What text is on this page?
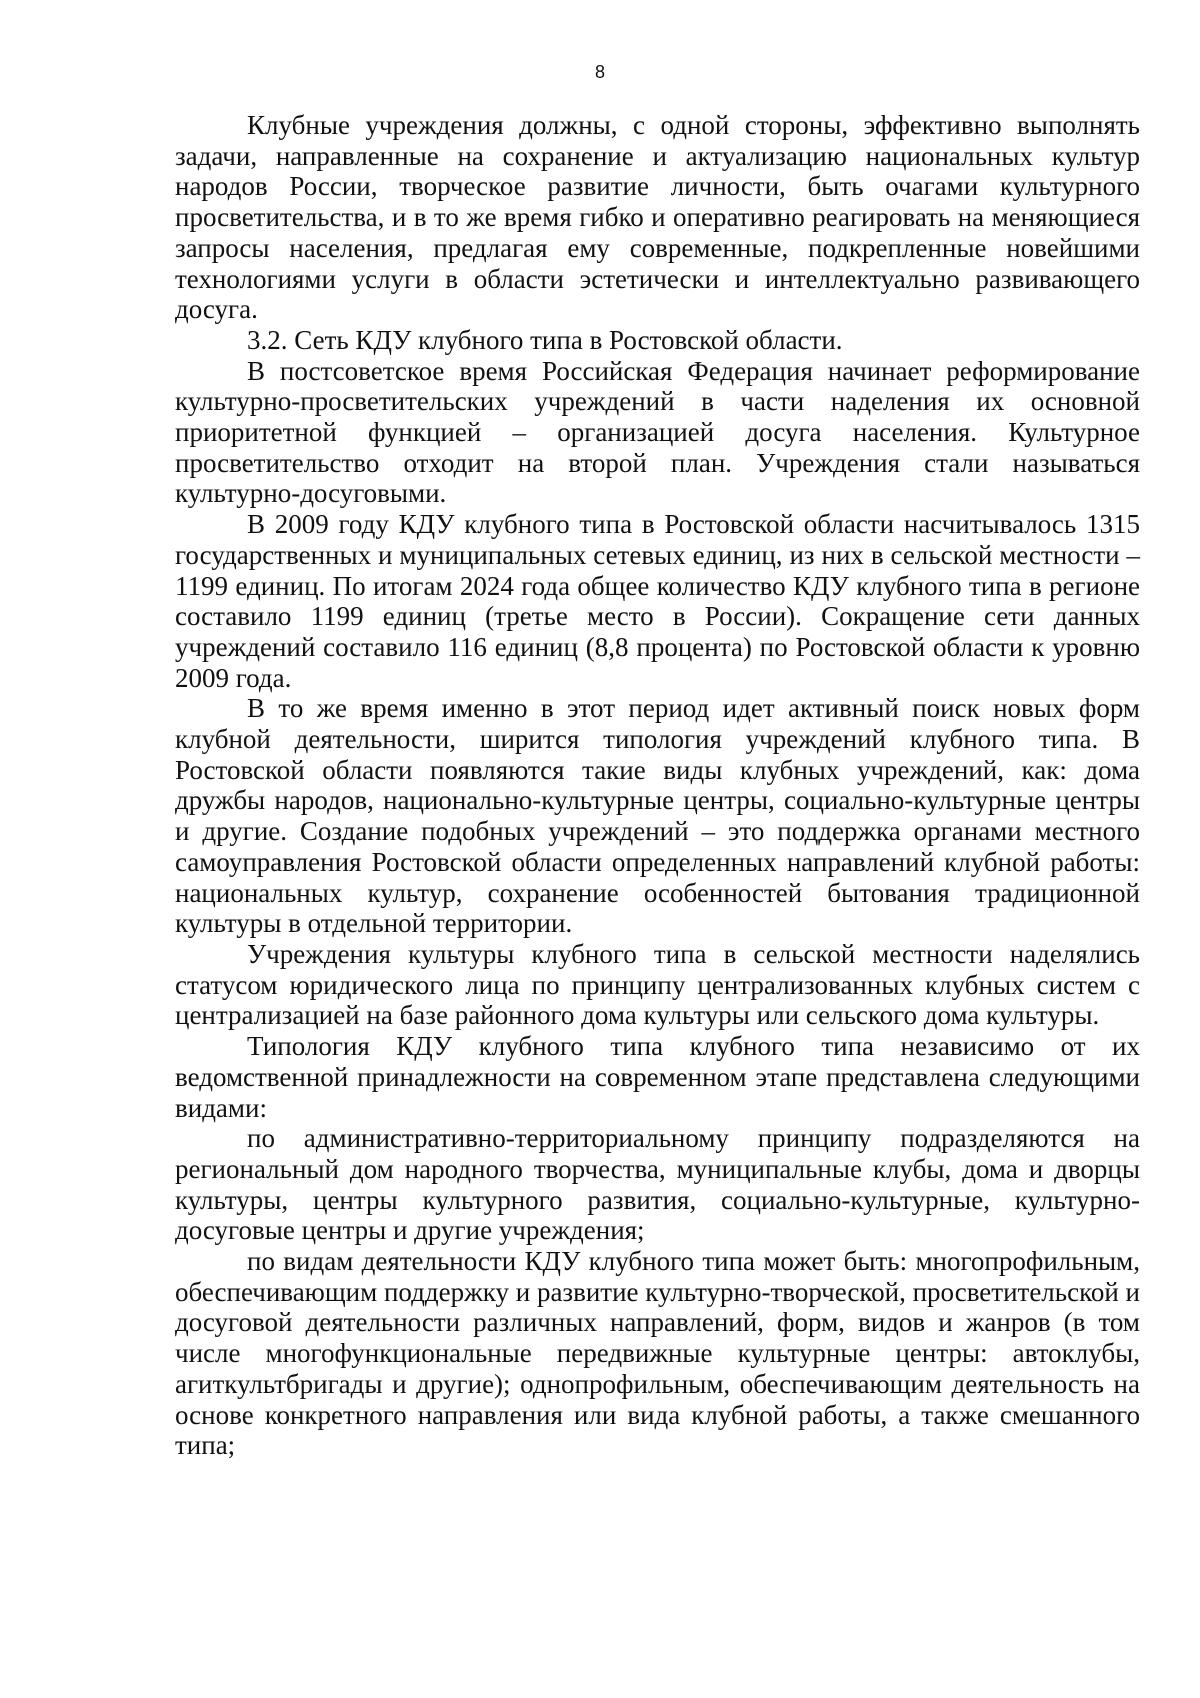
8

Клубные учреждения должны, с одной стороны, эффективно выполнять задачи, направленные на сохранение и актуализацию национальных культур народов России, творческое развитие личности, быть очагами культурного просветительства, и в то же время гибко и оперативно реагировать на меняющиеся запросы населения, предлагая ему современные, подкрепленные новейшими технологиями услуги в области эстетически и интеллектуально развивающего досуга.

3.2. Сеть КДУ клубного типа в Ростовской области.

В постсоветское время Российская Федерация начинает реформирование культурно-просветительских учреждений в части наделения их основной приоритетной функцией – организацией досуга населения. Культурное просветительство отходит на второй план. Учреждения стали называться культурно-досуговыми.

В 2009 году КДУ клубного типа в Ростовской области насчитывалось 1315 государственных и муниципальных сетевых единиц, из них в сельской местности – 1199 единиц. По итогам 2024 года общее количество КДУ клубного типа в регионе составило 1199 единиц (третье место в России). Сокращение сети данных учреждений составило 116 единиц (8,8 процента) по Ростовской области к уровню 2009 года.

В то же время именно в этот период идет активный поиск новых форм клубной деятельности, ширится типология учреждений клубного типа. В Ростовской области появляются такие виды клубных учреждений, как: дома дружбы народов, национально-культурные центры, социально-культурные центры и другие. Создание подобных учреждений – это поддержка органами местного самоуправления Ростовской области определенных направлений клубной работы: национальных культур, сохранение особенностей бытования традиционной культуры в отдельной территории.

Учреждения культуры клубного типа в сельской местности наделялись статусом юридического лица по принципу централизованных клубных систем с централизацией на базе районного дома культуры или сельского дома культуры.

Типология КДУ клубного типа клубного типа независимо от их ведомственной принадлежности на современном этапе представлена следующими видами:

по административно-территориальному принципу подразделяются на региональный дом народного творчества, муниципальные клубы, дома и дворцы культуры, центры культурного развития, социально-культурные, культурно-досуговые центры и другие учреждения;

по видам деятельности КДУ клубного типа может быть: многопрофильным, обеспечивающим поддержку и развитие культурно-творческой, просветительской и досуговой деятельности различных направлений, форм, видов и жанров (в том числе многофункциональные передвижные культурные центры: автоклубы, агиткультбригады и другие); однопрофильным, обеспечивающим деятельность на основе конкретного направления или вида клубной работы, а также смешанного типа;
